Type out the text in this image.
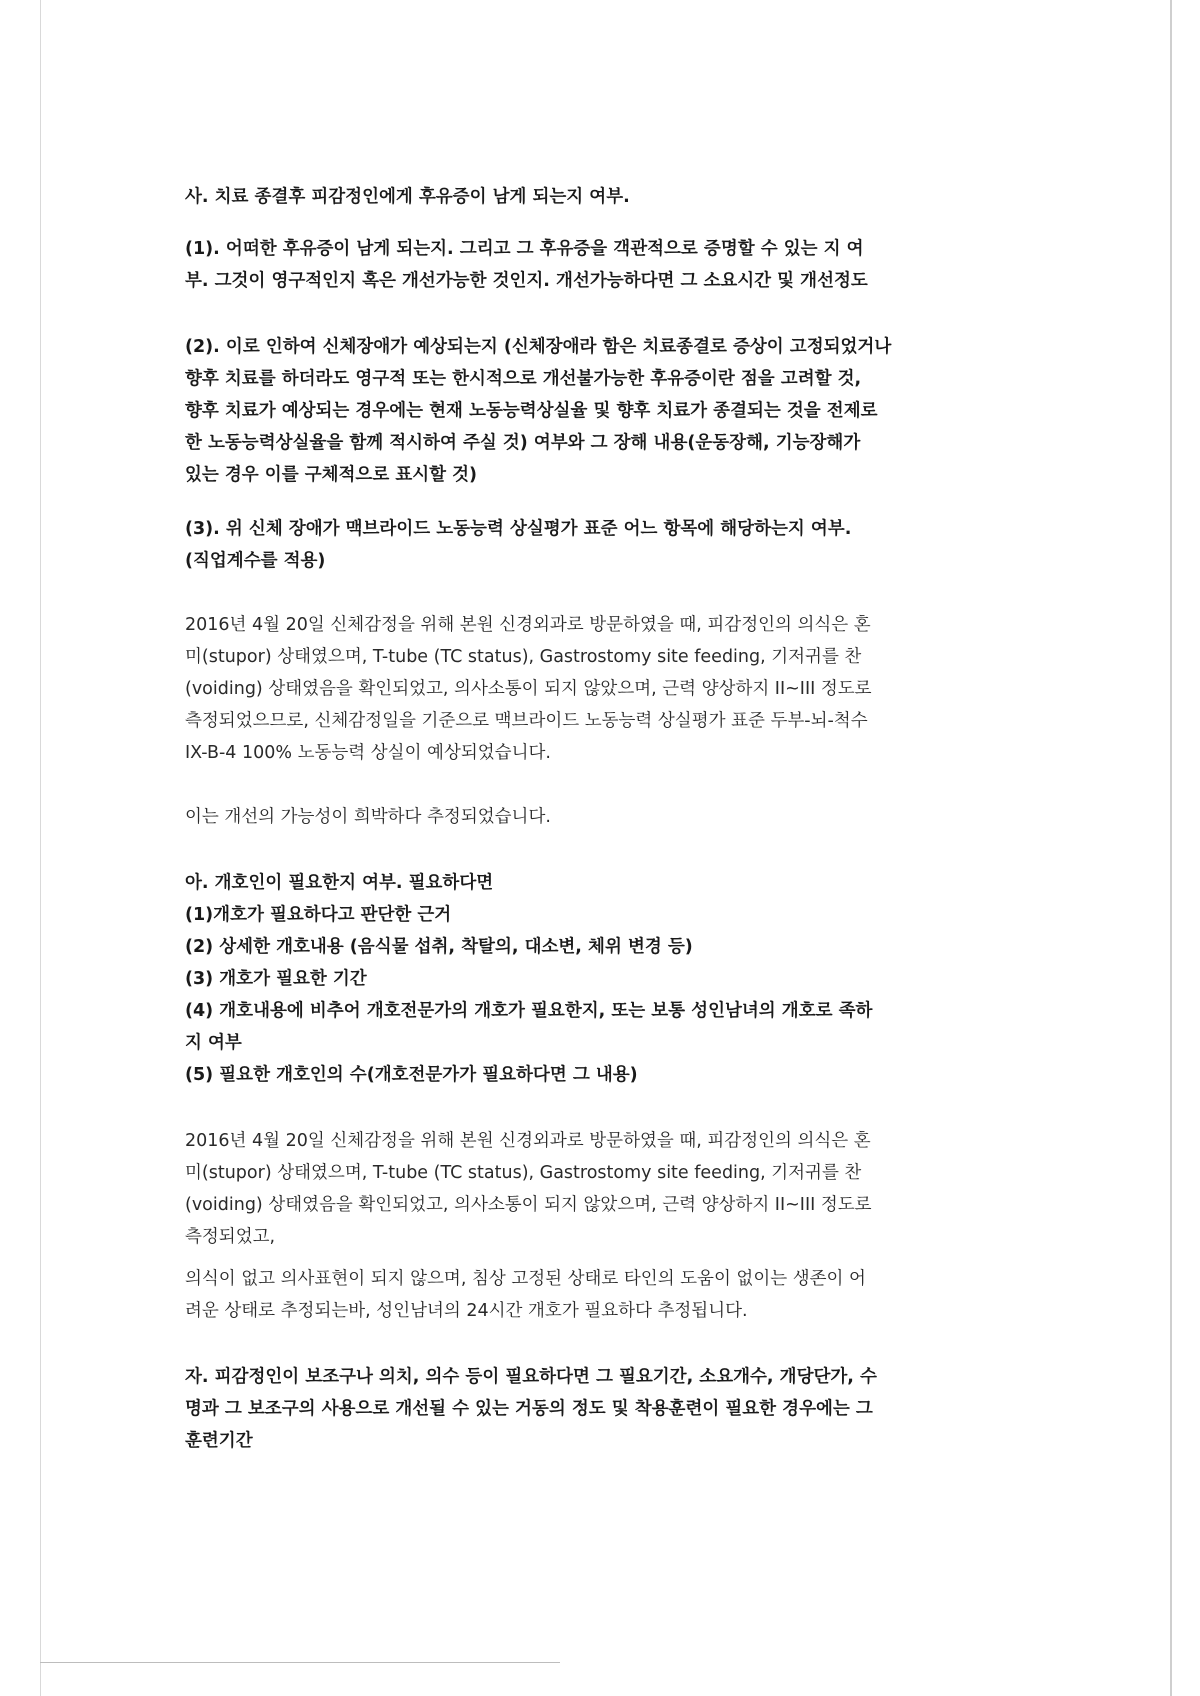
사. 치료 종결후 피감정인에게 후유증이 남게 되는지 여부.
(1). 어떠한 후유증이 남게 되는지. 그리고 그 후유증을 객관적으로 증명할 수 있는 지 여
부. 그것이 영구적인지 혹은 개선가능한 것인지. 개선가능하다면 그 소요시간 및 개선정도
(2). 이로 인하여 신체장애가 예상되는지 (신체장애라 함은 치료종결로 증상이 고정되었거나
향후 치료를 하더라도 영구적 또는 한시적으로 개선불가능한 후유증이란 점을 고려할 것,
향후 치료가 예상되는 경우에는 현재 노동능력상실율 및 향후 치료가 종결되는 것을 전제로
한 노동능력상실율을 함께 적시하여 주실 것) 여부와 그 장해 내용(운동장해, 기능장해가
있는 경우 이를 구체적으로 표시할 것)
(3). 위 신체 장애가 맥브라이드 노동능력 상실평가 표준 어느 항목에 해당하는지 여부.
(직업계수를 적용)
2016년 4월 20일 신체감정을 위해 본원 신경외과로 방문하였을 때, 피감정인의 의식은 혼
미(stupor) 상태였으며, T-tube (TC status), Gastrostomy site feeding, 기저귀를 찬
(voiding) 상태였음을 확인되었고, 의사소통이 되지 않았으며, 근력 양상하지 II~III 정도로
측정되었으므로, 신체감정일을 기준으로 맥브라이드 노동능력 상실평가 표준 두부-뇌-척수
IX-B-4 100% 노동능력 상실이 예상되었습니다.
이는 개선의 가능성이 희박하다 추정되었습니다.
아. 개호인이 필요한지 여부. 필요하다면
(1)개호가 필요하다고 판단한 근거
(2) 상세한 개호내용 (음식물 섭취, 착탈의, 대소변, 체위 변경 등)
(3) 개호가 필요한 기간
(4) 개호내용에 비추어 개호전문가의 개호가 필요한지, 또는 보통 성인남녀의 개호로 족하
지 여부
(5) 필요한 개호인의 수(개호전문가가 필요하다면 그 내용)
2016년 4월 20일 신체감정을 위해 본원 신경외과로 방문하였을 때, 피감정인의 의식은 혼
미(stupor) 상태였으며, T-tube (TC status), Gastrostomy site feeding, 기저귀를 찬
(voiding) 상태였음을 확인되었고, 의사소통이 되지 않았으며, 근력 양상하지 II~III 정도로
측정되었고,
의식이 없고 의사표현이 되지 않으며, 침상 고정된 상태로 타인의 도움이 없이는 생존이 어
려운 상태로 추정되는바, 성인남녀의 24시간 개호가 필요하다 추정됩니다.
자. 피감정인이 보조구나 의치, 의수 등이 필요하다면 그 필요기간, 소요개수, 개당단가, 수
명과 그 보조구의 사용으로 개선될 수 있는 거동의 정도 및 착용훈련이 필요한 경우에는 그
훈련기간
